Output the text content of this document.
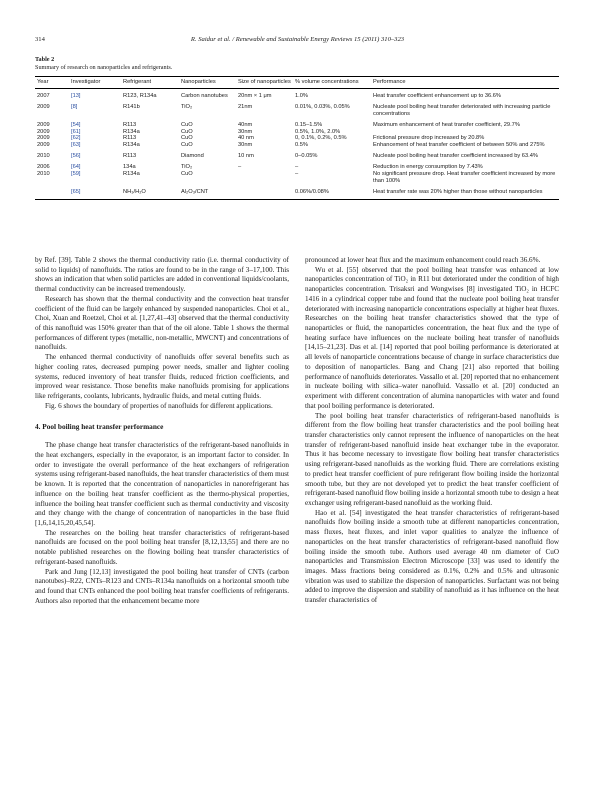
314	R. Saidur et al. / Renewable and Sustainable Energy Reviews 15 (2011) 310–323
Table 2
Summary of research on nanoparticles and refrigerants.
Year	Investigator	Refrigerant	Nanoparticles	Size of nanoparticles	% volume concentrations	Performance
2007	[13]	R123, R134a	Carbon nanotubes	20nm × 1 μm	1.0%	Heat transfer coefficient enhancement up to 36.6%
2009	[8]	R141b	TiO₂	21nm	0.01%, 0.03%, 0.05%	Nucleate pool boiling heat transfer deteriorated with increasing particle concentrations
2009	[54]	R113	CuO	40nm	0.15–1.5%	Maximum enhancement of heat transfer coefficient, 29.7%
2009	[61]	R134a	CuO	30nm	0.5%, 1.0%, 2.0%	
2009	[62]	R113	CuO	40 nm	0, 0.1%, 0.2%, 0.5%	Frictional pressure drop increased by 20.8%
2009	[63]	R134a	CuO	30nm	0.5%	Enhancement of heat transfer coefficient of between 50% and 275%
2010	[56]	R113	Diamond	10 nm	0–0.05%	Nucleate pool boiling heat transfer coefficient increased by 63.4%
2006	[64]	134a	TiO₂	–	–	Reduction in energy consumption by 7.43%
2010	[59]	R134a	CuO		–	No significant pressure drop. Heat transfer coefficient increased by more than 100%
	[65]	NH₃/H₂O	Al₂O₃/CNT		0.06%/0.08%	Heat transfer rate was 20% higher than those without nanoparticles

by Ref. [39]. Table 2 shows the thermal conductivity ratio (i.e. thermal conductivity of solid to liquids) of nanofluids. The ratios are found to be in the range of 3–17,100. This shows an indication that when solid particles are added in conventional liquids/coolants, thermal conductivity can be increased tremendously.

Research has shown that the thermal conductivity and the convection heat transfer coefficient of the fluid can be largely enhanced by suspended nanoparticles. Choi et al., Choi, Xuan and Roetzel, Choi et al. [1,27,41–43] observed that the thermal conductivity of this nanofluid was 150% greater than that of the oil alone. Table 1 shows the thermal performances of different types (metallic, non-metallic, MWCNT) and concentrations of nanofluids.

The enhanced thermal conductivity of nanofluids offer several benefits such as higher cooling rates, decreased pumping power needs, smaller and lighter cooling systems, reduced inventory of heat transfer fluids, reduced friction coefficients, and improved wear resistance. Those benefits make nanofluids promising for applications like refrigerants, coolants, lubricants, hydraulic fluids, and metal cutting fluids.

Fig. 6 shows the boundary of properties of nanofluids for different applications.

4. Pool boiling heat transfer performance

The phase change heat transfer characteristics of the refrigerant-based nanofluids in the heat exchangers, especially in the evaporator, is an important factor to consider. In order to investigate the overall performance of the heat exchangers of refrigeration systems using refrigerant-based nanofluids, the heat transfer characteristics of them must be known. It is reported that the concentration of nanoparticles in nanorefrigerant has influence on the boiling heat transfer coefficient as the thermo-physical properties, influence the boiling heat transfer coefficient such as thermal conductivity and viscosity and they change with the change of concentration of nanoparticles in the base fluid [1,6,14,15,20,45,54].

The researches on the boiling heat transfer characteristics of refrigerant-based nanofluids are focused on the pool boiling heat transfer [8,12,13,55] and there are no notable published researches on the flowing boiling heat transfer characteristics of refrigerant-based nanofluids.

Park and Jung [12,13] investigated the pool boiling heat transfer of CNTs (carbon nanotubes)–R22, CNTs–R123 and CNTs–R134a nanofluids on a horizontal smooth tube and found that CNTs enhanced the pool boiling heat transfer coefficients of refrigerants. Authors also reported that the enhancement became more

pronounced at lower heat flux and the maximum enhancement could reach 36.6%.

Wu et al. [55] observed that the pool boiling heat transfer was enhanced at low nanoparticles concentration of TiO₂ in R11 but deteriorated under the condition of high nanoparticles concentration. Trisaksri and Wongwises [8] investigated TiO₂ in HCFC 1416 in a cylindrical copper tube and found that the nucleate pool boiling heat transfer deteriorated with increasing nanoparticle concentrations especially at higher heat fluxes. Researches on the boiling heat transfer characteristics showed that the type of nanoparticles or fluid, the nanoparticles concentration, the heat flux and the type of heating surface have influences on the nucleate boiling heat transfer of nanofluids [14,15–21,23]. Das et al. [14] reported that pool boiling performance is deteriorated at all levels of nanoparticle concentrations because of change in surface characteristics due to deposition of nanoparticles. Bang and Chang [21] also reported that boiling performance of nanofluids deteriorates. Vassallo et al. [20] reported that no enhancement in nucleate boiling with silica–water nanofluid. Vassallo et al. [20] conducted an experiment with different concentration of alumina nanoparticles with water and found that pool boiling performance is deteriorated.

The pool boiling heat transfer characteristics of refrigerant-based nanofluids is different from the flow boiling heat transfer characteristics and the pool boiling heat transfer characteristics only cannot represent the influence of nanoparticles on the heat transfer of refrigerant-based nanofluid inside heat exchanger tube in the evaporator. Thus it has become necessary to investigate flow boiling heat transfer characteristics using refrigerant-based nanofluids as the working fluid. There are correlations existing to predict heat transfer coefficient of pure refrigerant flow boiling inside the horizontal smooth tube, but they are not developed yet to predict the heat transfer coefficient of refrigerant-based nanofluid flow boiling inside a horizontal smooth tube to design a heat exchanger using refrigerant-based nanofluid as the working fluid.

Hao et al. [54] investigated the heat transfer characteristics of refrigerant-based nanofluids flow boiling inside a smooth tube at different nanoparticles concentration, mass fluxes, heat fluxes, and inlet vapor qualities to analyze the influence of nanoparticles on the heat transfer characteristics of refrigerant-based nanofluid flow boiling inside the smooth tube. Authors used average 40 nm diameter of CuO nanoparticles and Transmission Electron Microscope [33] was used to identify the images. Mass fractions being considered as 0.1%, 0.2% and 0.5% and ultrasonic vibration was used to stabilize the dispersion of nanoparticles. Surfactant was not being added to improve the dispersion and stability of nanofluid as it has influence on the heat transfer characteristics of
